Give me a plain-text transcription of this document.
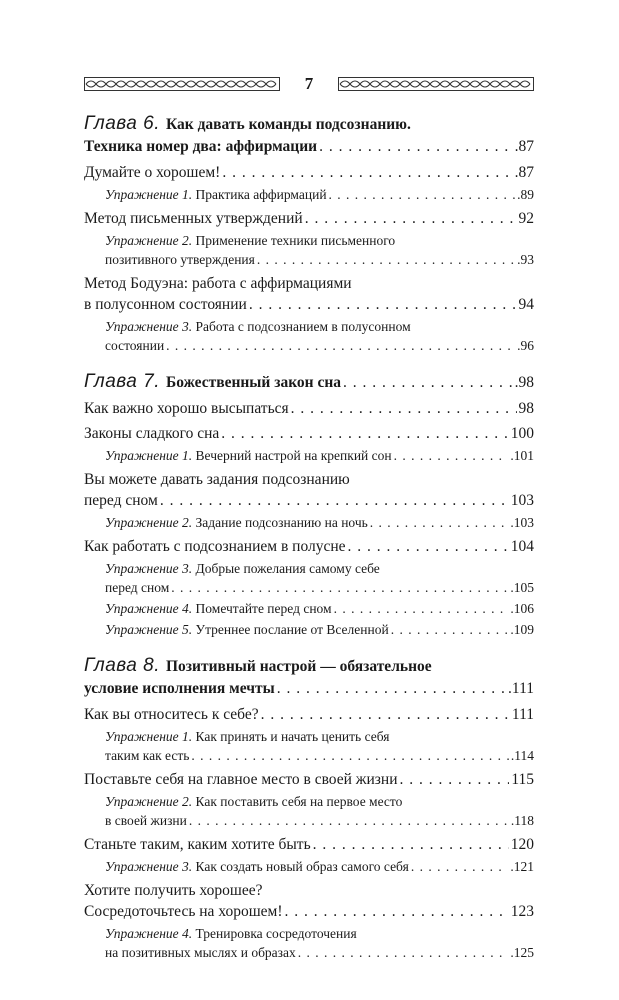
7
Глава 6. Как давать команды подсознанию.
Техника номер два: аффирмации . . .	.87
Думайте о хорошем! . . .	.87
Упражнение 1. Практика аффирмаций . . .	.89
Метод письменных утверждений . . .	92
Упражнение 2. Применение техники письменного
позитивного утверждения . . .	.93
Метод Бодуэна: работа с аффирмациями
в полусонном состоянии . . .	94
Упражнение 3. Работа с подсознанием в полусонном
состоянии . . .	.96
Глава 7. Божественный закон сна . . .	.98
Как важно хорошо высыпаться . . .	98
Законы сладкого сна . . .	100
Упражнение 1. Вечерний настрой на крепкий сон . . .	.101
Вы можете давать задания подсознанию
перед сном . . .	103
Упражнение 2. Задание подсознанию на ночь . . .	.103
Как работать с подсознанием в полусне . . .	104
Упражнение 3. Добрые пожелания самому себе
перед сном . . .	.105
Упражнение 4. Помечтайте перед сном . . .	.106
Упражнение 5. Утреннее послание от Вселенной . . .	.109
Глава 8. Позитивный настрой — обязательное
условие исполнения мечты . . .	.111
Как вы относитесь к себе? . . .	111
Упражнение 1. Как принять и начать ценить себя
таким как есть . . .	.114
Поставьте себя на главное место в своей жизни . . .	115
Упражнение 2. Как поставить себя на первое место
в своей жизни . . .	.118
Станьте таким, каким хотите быть . . .	120
Упражнение 3. Как создать новый образ самого себя . . .	.121
Хотите получить хорошее?
Сосредоточьтесь на хорошем! . . .	123
Упражнение 4. Тренировка сосредоточения
на позитивных мыслях и образах . . .	.125
